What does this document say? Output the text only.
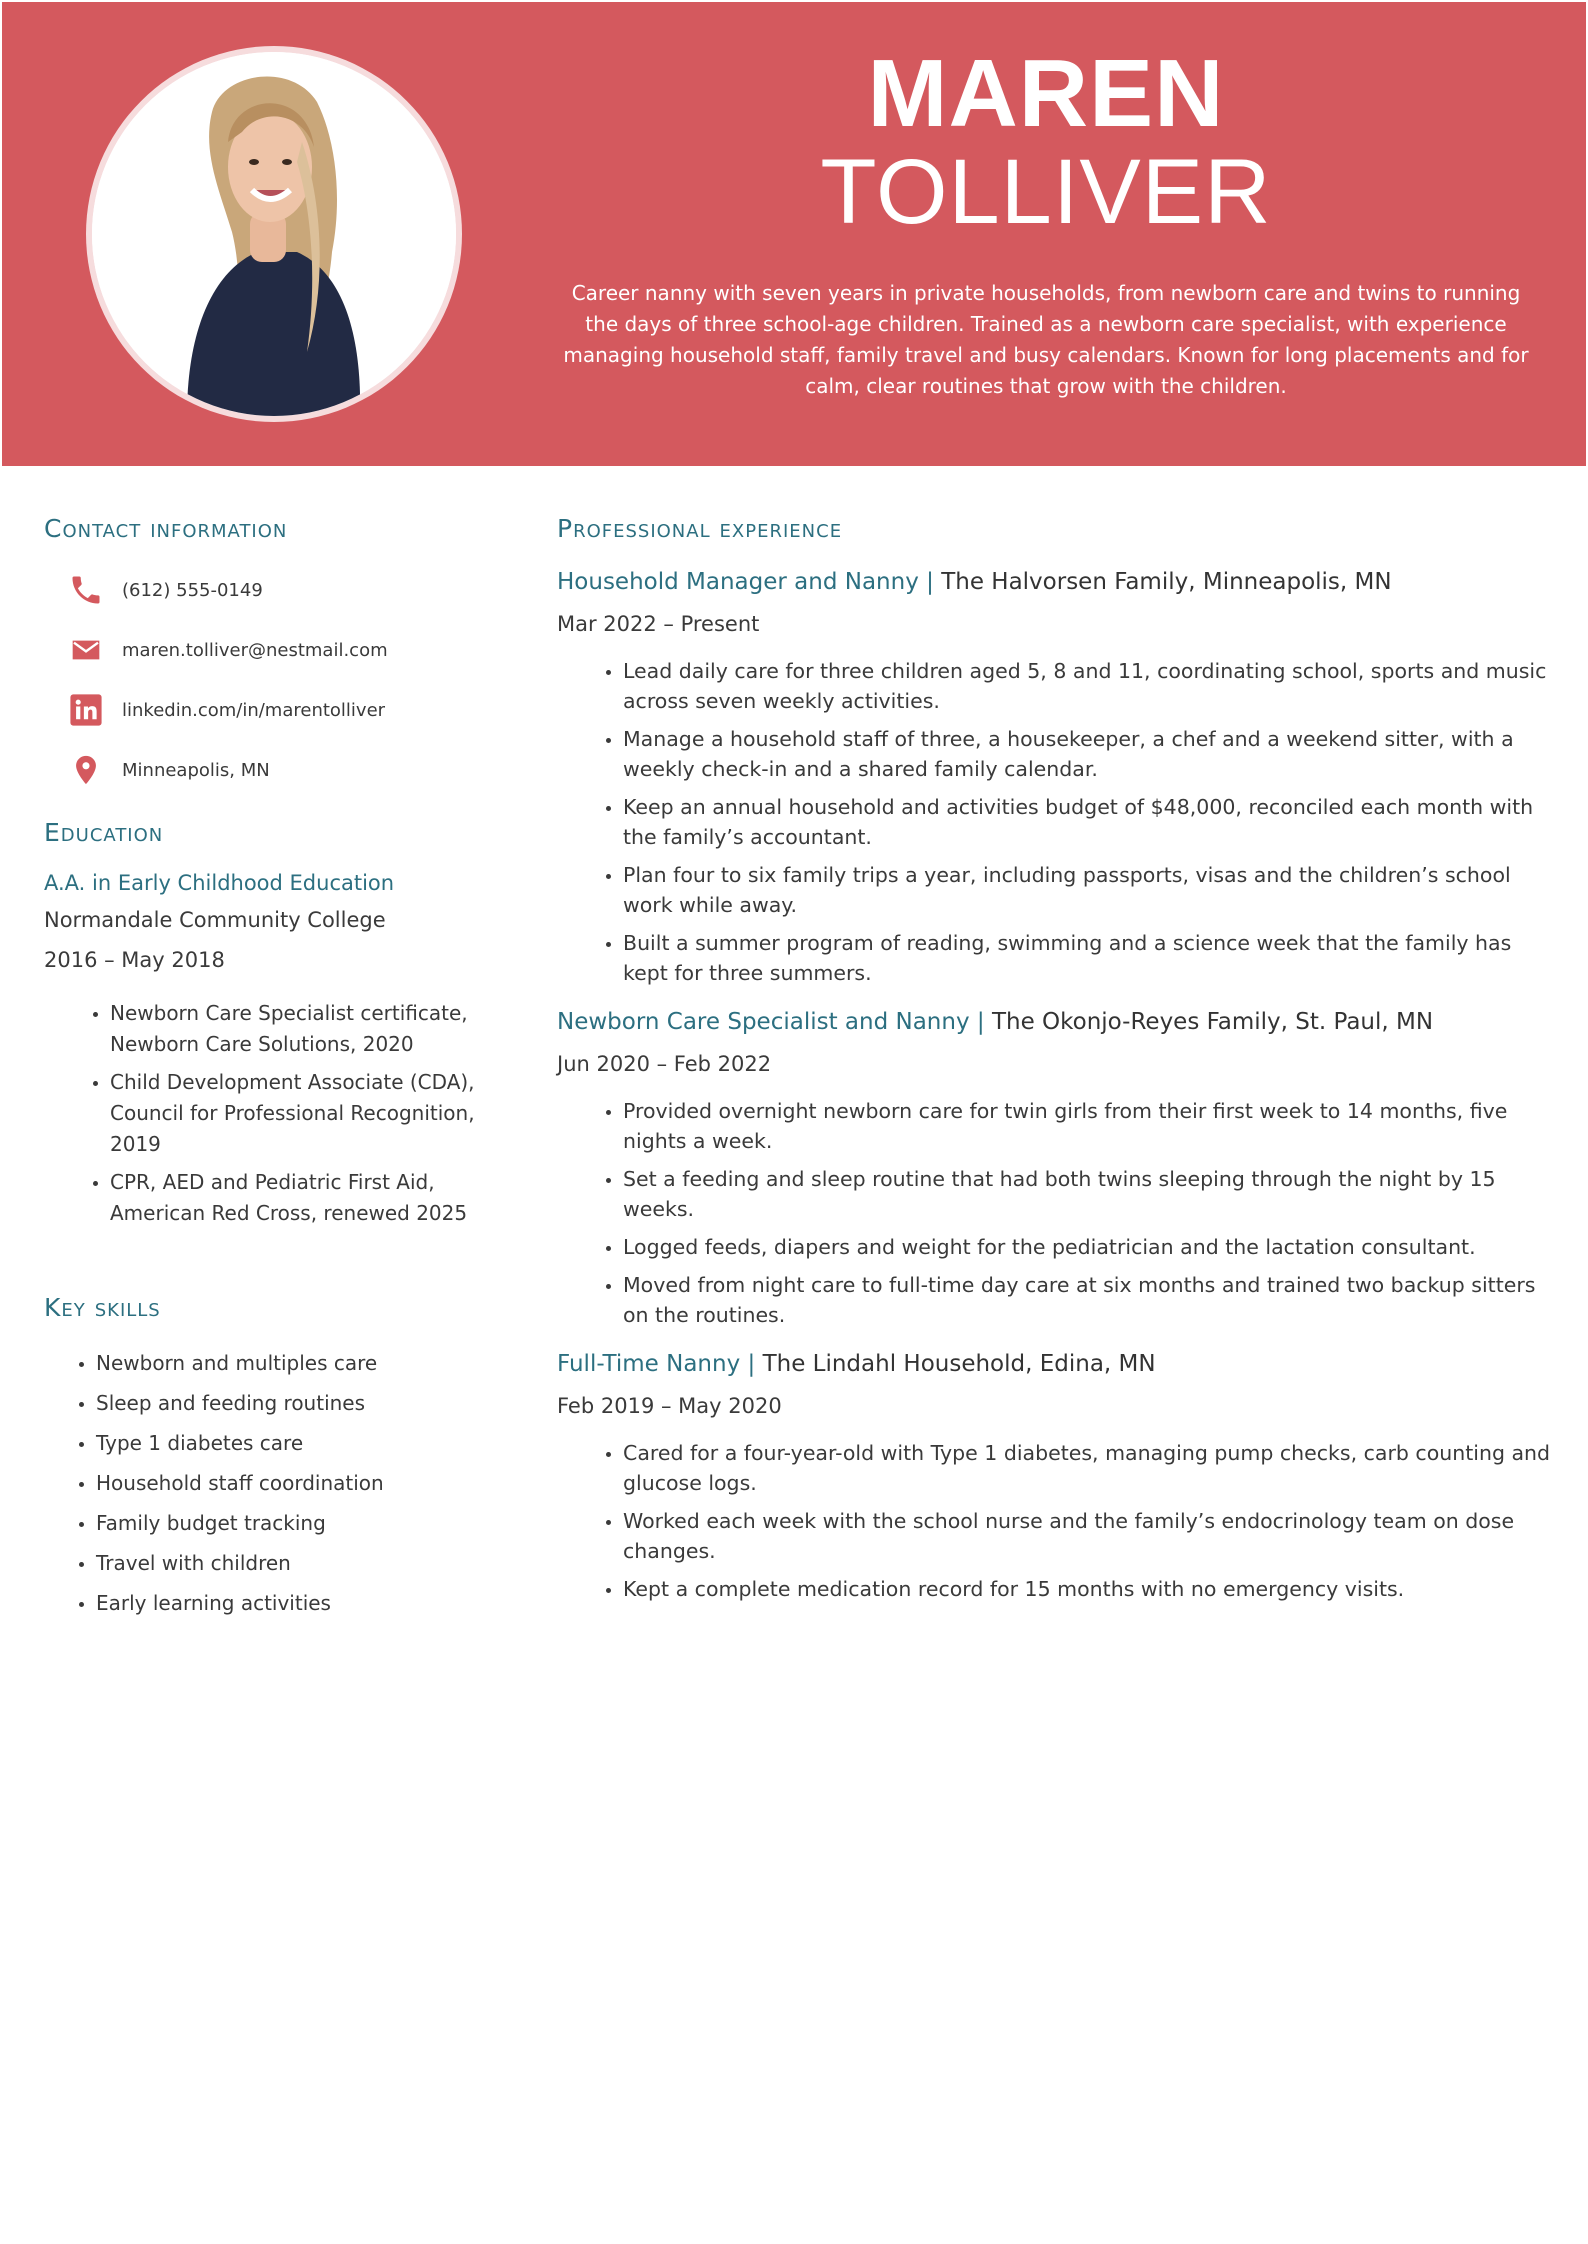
MAREN
TOLLIVER
Career nanny with seven years in private households, from newborn care and twins to running the days of three school-age children. Trained as a newborn care specialist, with experience managing household staff, family travel and busy calendars. Known for long placements and for calm, clear routines that grow with the children.
Contact information
(612) 555-0149
maren.tolliver@nestmail.com
linkedin.com/in/marentolliver
Minneapolis, MN
Education
A.A. in Early Childhood Education
Normandale Community College
2016 – May 2018
• Newborn Care Specialist certificate, Newborn Care Solutions, 2020
• Child Development Associate (CDA), Council for Professional Recognition, 2019
• CPR, AED and Pediatric First Aid, American Red Cross, renewed 2025
Key skills
• Newborn and multiples care
• Sleep and feeding routines
• Type 1 diabetes care
• Household staff coordination
• Family budget tracking
• Travel with children
• Early learning activities
Professional experience
Household Manager and Nanny | The Halvorsen Family, Minneapolis, MN
Mar 2022 – Present
• Lead daily care for three children aged 5, 8 and 11, coordinating school, sports and music across seven weekly activities.
• Manage a household staff of three, a housekeeper, a chef and a weekend sitter, with a weekly check-in and a shared family calendar.
• Keep an annual household and activities budget of $48,000, reconciled each month with the family’s accountant.
• Plan four to six family trips a year, including passports, visas and the children’s school work while away.
• Built a summer program of reading, swimming and a science week that the family has kept for three summers.
Newborn Care Specialist and Nanny | The Okonjo-Reyes Family, St. Paul, MN
Jun 2020 – Feb 2022
• Provided overnight newborn care for twin girls from their first week to 14 months, five nights a week.
• Set a feeding and sleep routine that had both twins sleeping through the night by 15 weeks.
• Logged feeds, diapers and weight for the pediatrician and the lactation consultant.
• Moved from night care to full-time day care at six months and trained two backup sitters on the routines.
Full-Time Nanny | The Lindahl Household, Edina, MN
Feb 2019 – May 2020
• Cared for a four-year-old with Type 1 diabetes, managing pump checks, carb counting and glucose logs.
• Worked each week with the school nurse and the family’s endocrinology team on dose changes.
• Kept a complete medication record for 15 months with no emergency visits.
